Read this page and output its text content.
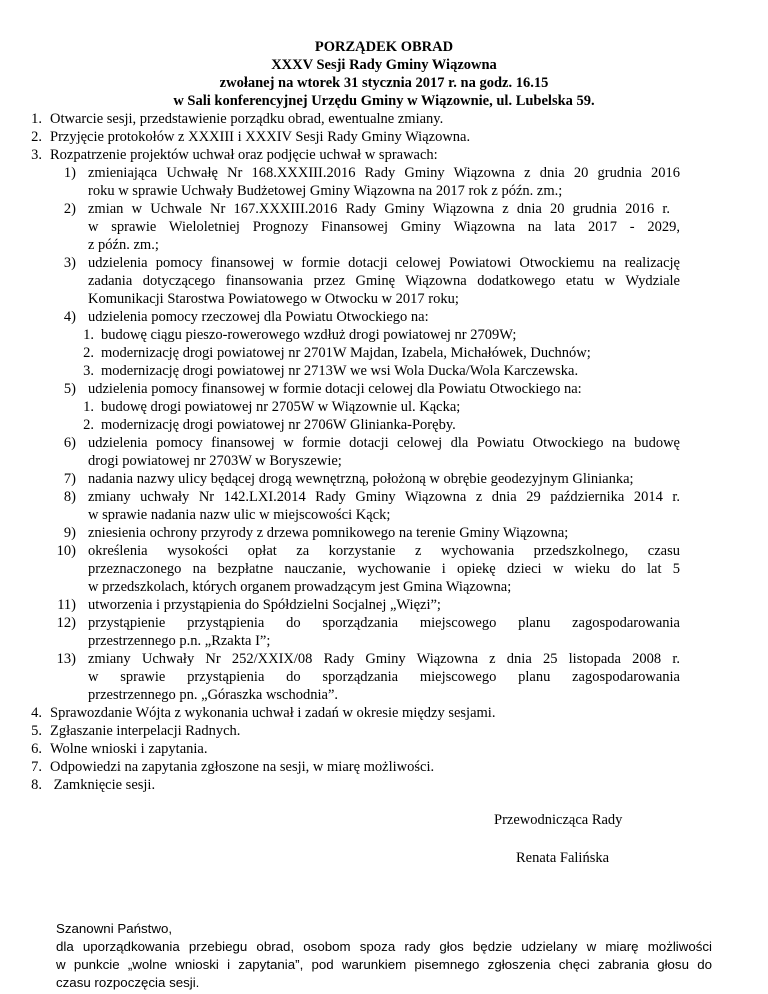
PORZĄDEK OBRAD
XXXV Sesji Rady Gminy Wiązowna
zwołanej na wtorek 31 stycznia 2017 r. na godz. 16.15
w Sali konferencyjnej Urzędu Gminy w Wiązownie, ul. Lubelska 59.
1. Otwarcie sesji, przedstawienie porządku obrad, ewentualne zmiany.
2. Przyjęcie protokołów z XXXIII i XXXIV Sesji Rady Gminy Wiązowna.
3. Rozpatrzenie projektów uchwał oraz podjęcie uchwał w sprawach:
1) zmieniająca Uchwałę Nr 168.XXXIII.2016 Rady Gminy Wiązowna z dnia 20 grudnia 2016
roku w sprawie Uchwały Budżetowej Gminy Wiązowna na 2017 rok z późn. zm.;
2) zmian w Uchwale Nr 167.XXXIII.2016 Rady Gminy Wiązowna z dnia 20 grudnia 2016 r.
w sprawie Wieloletniej Prognozy Finansowej Gminy Wiązowna na lata 2017 - 2029,
z późn. zm.;
3) udzielenia pomocy finansowej w formie dotacji celowej Powiatowi Otwockiemu na realizację
zadania dotyczącego finansowania przez Gminę Wiązowna dodatkowego etatu w Wydziale
Komunikacji Starostwa Powiatowego w Otwocku w 2017 roku;
4) udzielenia pomocy rzeczowej dla Powiatu Otwockiego na:
1. budowę ciągu pieszo-rowerowego wzdłuż drogi powiatowej nr 2709W;
2. modernizację drogi powiatowej nr 2701W Majdan, Izabela, Michałówek, Duchnów;
3. modernizację drogi powiatowej nr 2713W we wsi Wola Ducka/Wola Karczewska.
5) udzielenia pomocy finansowej w formie dotacji celowej dla Powiatu Otwockiego na:
1. budowę drogi powiatowej nr 2705W w Wiązownie ul. Kącka;
2. modernizację drogi powiatowej nr 2706W Glinianka-Poręby.
6) udzielenia pomocy finansowej w formie dotacji celowej dla Powiatu Otwockiego na budowę
drogi powiatowej nr 2703W w Boryszewie;
7) nadania nazwy ulicy będącej drogą wewnętrzną, położoną w obrębie geodezyjnym Glinianka;
8) zmiany uchwały Nr 142.LXI.2014 Rady Gminy Wiązowna z dnia 29 października 2014 r.
w sprawie nadania nazw ulic w miejscowości Kąck;
9) zniesienia ochrony przyrody z drzewa pomnikowego na terenie Gminy Wiązowna;
10) określenia wysokości opłat za korzystanie z wychowania przedszkolnego, czasu
przeznaczonego na bezpłatne nauczanie, wychowanie i opiekę dzieci w wieku do lat 5
w przedszkolach, których organem prowadzącym jest Gmina Wiązowna;
11) utworzenia i przystąpienia do Spółdzielni Socjalnej „Więzi”;
12) przystąpienie przystąpienia do sporządzania miejscowego planu zagospodarowania
przestrzennego p.n. „Rzakta I”;
13) zmiany Uchwały Nr 252/XXIX/08 Rady Gminy Wiązowna z dnia 25 listopada 2008 r.
w sprawie przystąpienia do sporządzania miejscowego planu zagospodarowania
przestrzennego pn. „Góraszka wschodnia”.
4. Sprawozdanie Wójta z wykonania uchwał i zadań w okresie między sesjami.
5. Zgłaszanie interpelacji Radnych.
6. Wolne wnioski i zapytania.
7. Odpowiedzi na zapytania zgłoszone na sesji, w miarę możliwości.
8. Zamknięcie sesji.
Przewodnicząca Rady
Renata Falińska
Szanowni Państwo,
dla uporządkowania przebiegu obrad, osobom spoza rady głos będzie udzielany w miarę możliwości
w punkcie „wolne wnioski i zapytania”, pod warunkiem pisemnego zgłoszenia chęci zabrania głosu do
czasu rozpoczęcia sesji.
